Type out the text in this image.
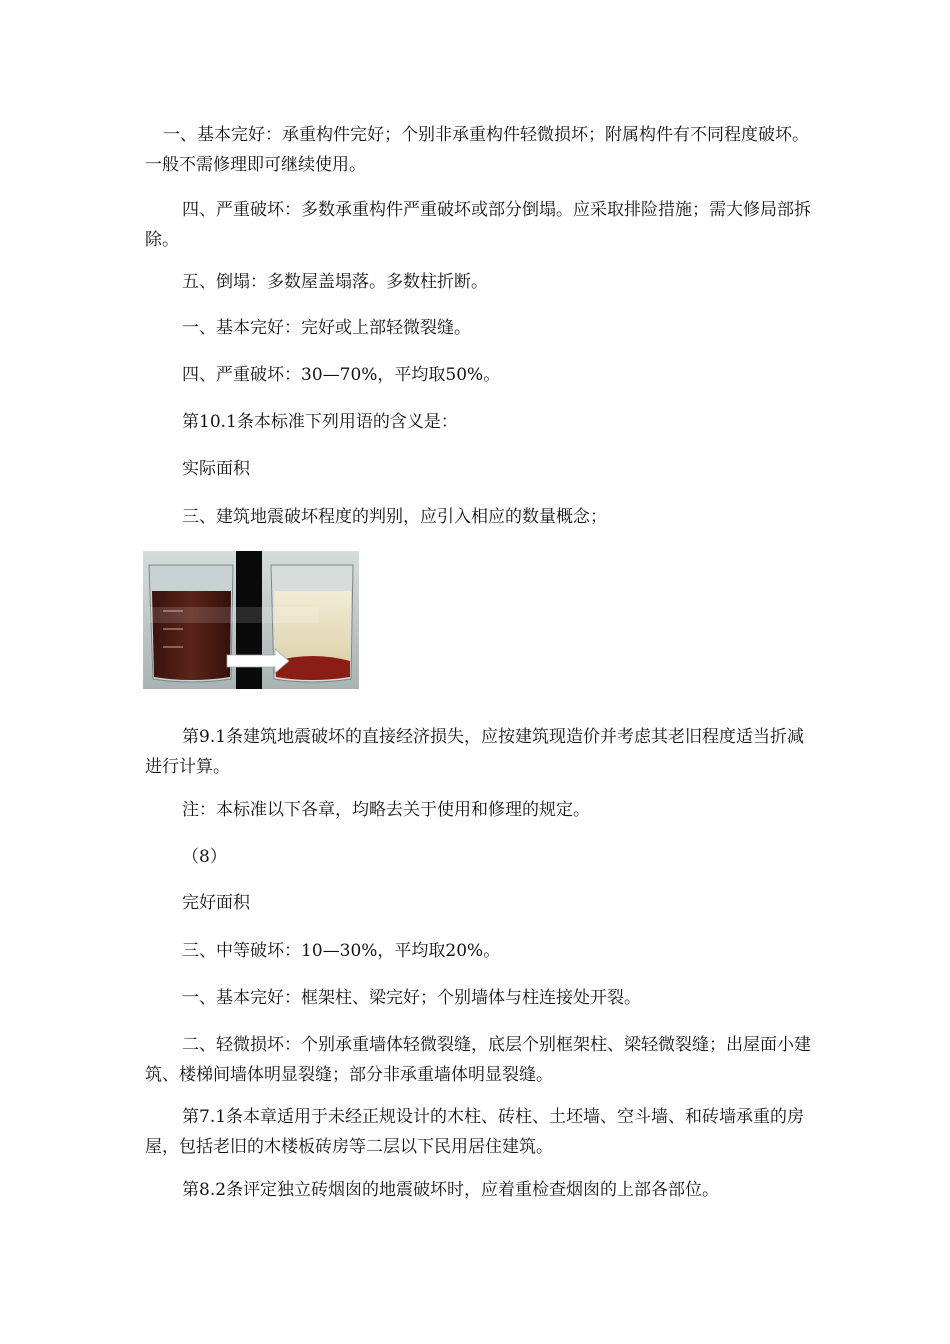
一、基本完好：承重构件完好；个别非承重构件轻微损坏；附属构件有不同程度破坏。一般不需修理即可继续使用。

四、严重破坏：多数承重构件严重破坏或部分倒塌。应采取排险措施；需大修局部拆除。

五、倒塌：多数屋盖塌落。多数柱折断。

一、基本完好：完好或上部轻微裂缝。

四、严重破坏：30—70%，平均取50%。

第10.1条本标准下列用语的含义是：

实际面积

三、建筑地震破坏程度的判别，应引入相应的数量概念；

第9.1条建筑地震破坏的直接经济损失，应按建筑现造价并考虑其老旧程度适当折减进行计算。

注：本标准以下各章，均略去关于使用和修理的规定。

（8）

完好面积

三、中等破坏：10—30%，平均取20%。

一、基本完好：框架柱、梁完好；个别墙体与柱连接处开裂。

二、轻微损坏：个别承重墙体轻微裂缝，底层个别框架柱、梁轻微裂缝；出屋面小建筑、楼梯间墙体明显裂缝；部分非承重墙体明显裂缝。

第7.1条本章适用于未经正规设计的木柱、砖柱、土坯墙、空斗墙、和砖墙承重的房屋，包括老旧的木楼板砖房等二层以下民用居住建筑。

第8.2条评定独立砖烟囱的地震破坏时，应着重检查烟囱的上部各部位。
